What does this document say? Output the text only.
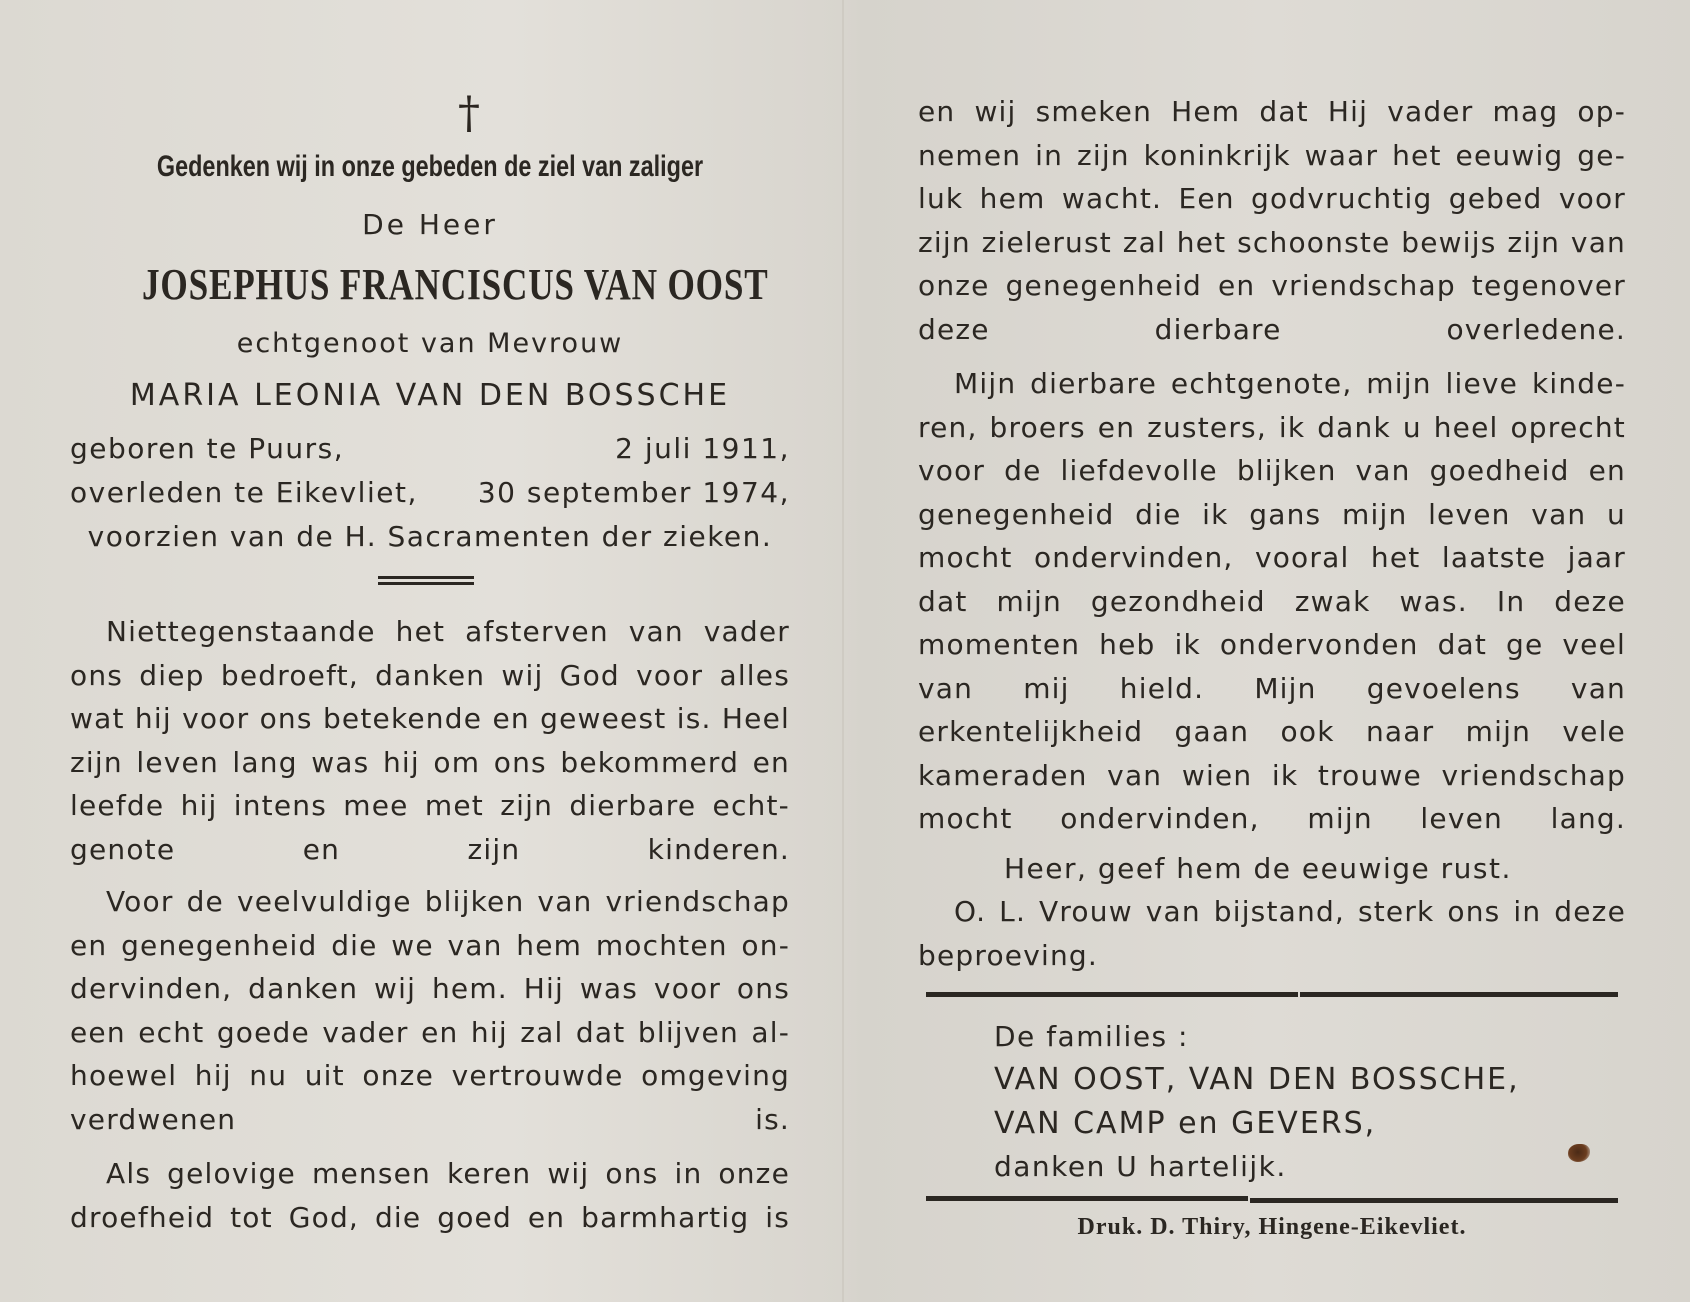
†
Gedenken wij in onze gebeden de ziel van zaliger
De Heer
JOSEPHUS FRANCISCUS VAN OOST
echtgenoot van Mevrouw
MARIA LEONIA VAN DEN BOSSCHE
geboren te Puurs,	2 juli 1911,
overleden te Eikevliet, 30 september 1974,
voorzien van de H. Sacramenten der zieken.
Niettegenstaande het afsterven van vader ons diep bedroeft, danken wij God voor alles wat hij voor ons betekende en geweest is. Heel zijn leven lang was hij om ons bekommerd en leefde hij intens mee met zijn dierbare echt-genote en zijn kinderen.
Voor de veelvuldige blijken van vriendschap en genegenheid die we van hem mochten on-dervinden, danken wij hem. Hij was voor ons een echt goede vader en hij zal dat blijven al-hoewel hij nu uit onze vertrouwde omgeving verdwenen is.
Als gelovige mensen keren wij ons in onze droefheid tot God, die goed en barmhartig is
en wij smeken Hem dat Hij vader mag op-nemen in zijn koninkrijk waar het eeuwig ge-luk hem wacht. Een godvruchtig gebed voor zijn zielerust zal het schoonste bewijs zijn van onze genegenheid en vriendschap tegenover deze dierbare overledene.
Mijn dierbare echtgenote, mijn lieve kinde-ren, broers en zusters, ik dank u heel oprecht voor de liefdevolle blijken van goedheid en genegenheid die ik gans mijn leven van u mocht ondervinden, vooral het laatste jaar dat mijn gezondheid zwak was. In deze momenten heb ik ondervonden dat ge veel van mij hield. Mijn gevoelens van erkentelijkheid gaan ook naar mijn vele kameraden van wien ik trouwe vriendschap mocht ondervinden, mijn leven lang.
Heer, geef hem de eeuwige rust.
O. L. Vrouw van bijstand, sterk ons in deze beproeving.
De families :
VAN OOST, VAN DEN BOSSCHE,
VAN CAMP en GEVERS,
danken U hartelijk.
Druk. D. Thiry, Hingene-Eikevliet.
